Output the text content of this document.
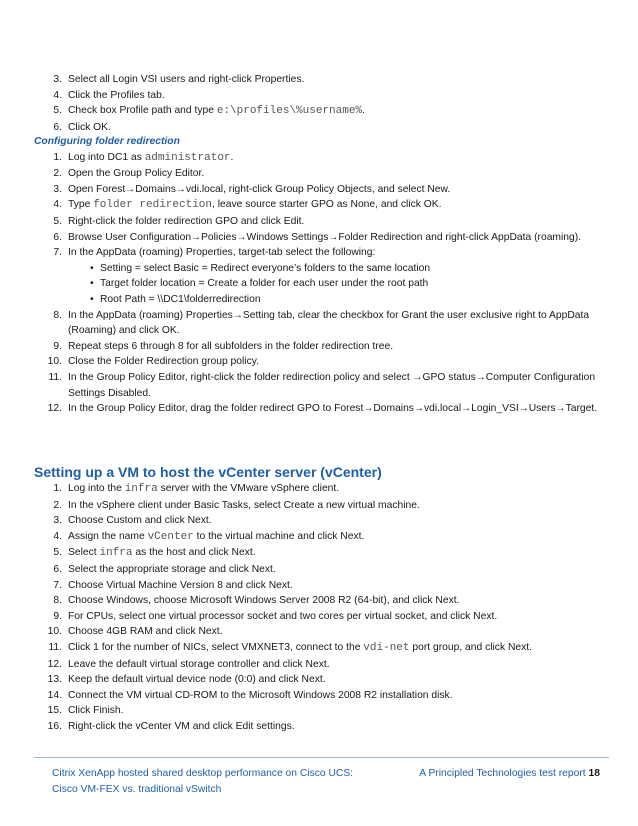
3. Select all Login VSI users and right-click Properties.
4. Click the Profiles tab.
5. Check box Profile path and type e:\profiles\%username%.
6. Click OK.
Configuring folder redirection
1. Log into DC1 as administrator.
2. Open the Group Policy Editor.
3. Open Forest→Domains→vdi.local, right-click Group Policy Objects, and select New.
4. Type folder redirection, leave source starter GPO as None, and click OK.
5. Right-click the folder redirection GPO and click Edit.
6. Browse User Configuration→Policies→Windows Settings→Folder Redirection and right-click AppData (roaming).
7. In the AppData (roaming) Properties, target-tab select the following:
• Setting = select Basic = Redirect everyone’s folders to the same location
• Target folder location = Create a folder for each user under the root path
• Root Path = \\DC1\folderredirection
8. In the AppData (roaming) Properties→Setting tab, clear the checkbox for Grant the user exclusive right to AppData (Roaming) and click OK.
9. Repeat steps 6 through 8 for all subfolders in the folder redirection tree.
10. Close the Folder Redirection group policy.
11. In the Group Policy Editor, right-click the folder redirection policy and select →GPO status→Computer Configuration Settings Disabled.
12. In the Group Policy Editor, drag the folder redirect GPO to Forest→Domains→vdi.local→Login_VSI→Users→Target.
Setting up a VM to host the vCenter server (vCenter)
1. Log into the infra server with the VMware vSphere client.
2. In the vSphere client under Basic Tasks, select Create a new virtual machine.
3. Choose Custom and click Next.
4. Assign the name vCenter to the virtual machine and click Next.
5. Select infra as the host and click Next.
6. Select the appropriate storage and click Next.
7. Choose Virtual Machine Version 8 and click Next.
8. Choose Windows, choose Microsoft Windows Server 2008 R2 (64-bit), and click Next.
9. For CPUs, select one virtual processor socket and two cores per virtual socket, and click Next.
10. Choose 4GB RAM and click Next.
11. Click 1 for the number of NICs, select VMXNET3, connect to the vdi-net port group, and click Next.
12. Leave the default virtual storage controller and click Next.
13. Keep the default virtual device node (0:0) and click Next.
14. Connect the VM virtual CD-ROM to the Microsoft Windows 2008 R2 installation disk.
15. Click Finish.
16. Right-click the vCenter VM and click Edit settings.
Citrix XenApp hosted shared desktop performance on Cisco UCS:
Cisco VM-FEX vs. traditional vSwitch
A Principled Technologies test report 18
